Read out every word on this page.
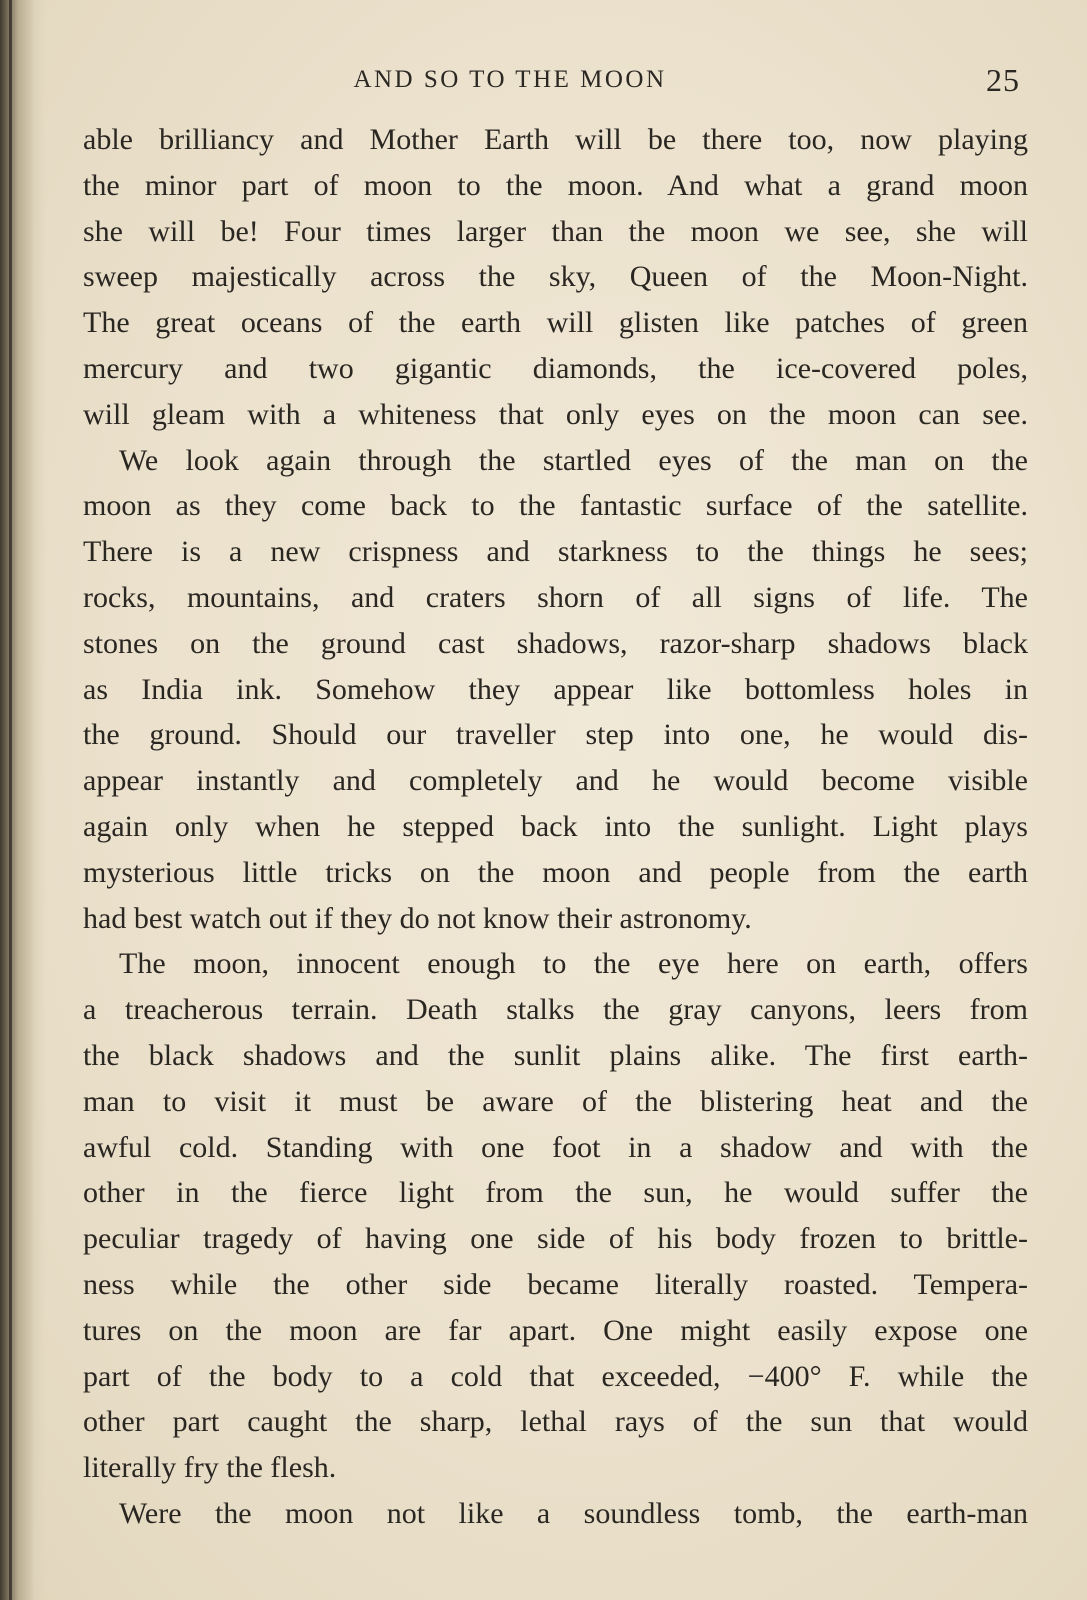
AND SO TO THE MOON	25
able brilliancy and Mother Earth will be there too, now playing
the minor part of moon to the moon. And what a grand moon
she will be! Four times larger than the moon we see, she will
sweep majestically across the sky, Queen of the Moon-Night.
The great oceans of the earth will glisten like patches of green
mercury and two gigantic diamonds, the ice-covered poles,
will gleam with a whiteness that only eyes on the moon can see.
We look again through the startled eyes of the man on the
moon as they come back to the fantastic surface of the satellite.
There is a new crispness and starkness to the things he sees;
rocks, mountains, and craters shorn of all signs of life. The
stones on the ground cast shadows, razor-sharp shadows black
as India ink. Somehow they appear like bottomless holes in
the ground. Should our traveller step into one, he would dis-
appear instantly and completely and he would become visible
again only when he stepped back into the sunlight. Light plays
mysterious little tricks on the moon and people from the earth
had best watch out if they do not know their astronomy.
The moon, innocent enough to the eye here on earth, offers
a treacherous terrain. Death stalks the gray canyons, leers from
the black shadows and the sunlit plains alike. The first earth-
man to visit it must be aware of the blistering heat and the
awful cold. Standing with one foot in a shadow and with the
other in the fierce light from the sun, he would suffer the
peculiar tragedy of having one side of his body frozen to brittle-
ness while the other side became literally roasted. Tempera-
tures on the moon are far apart. One might easily expose one
part of the body to a cold that exceeded, −400° F. while the
other part caught the sharp, lethal rays of the sun that would
literally fry the flesh.
Were the moon not like a soundless tomb, the earth-man
